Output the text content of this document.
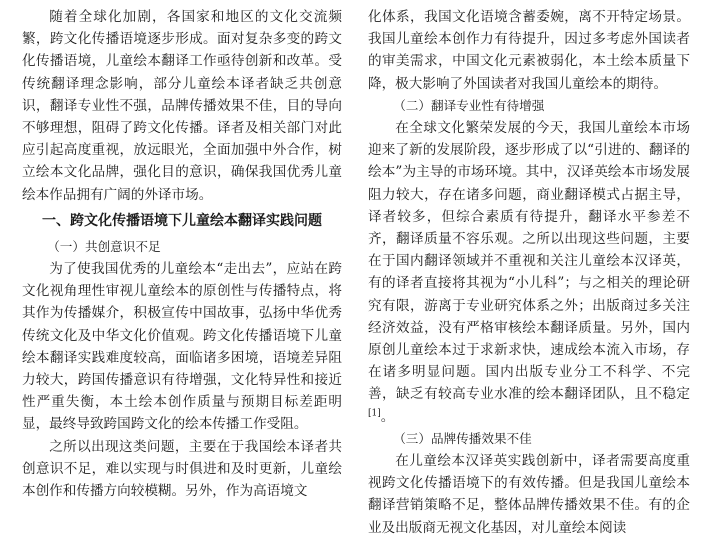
随着全球化加剧，各国家和地区的文化交流频繁，跨文化传播语境逐步形成。面对复杂多变的跨文化传播语境，儿童绘本翻译工作亟待创新和改革。受传统翻译理念影响，部分儿童绘本译者缺乏共创意识，翻译专业性不强，品牌传播效果不佳，目的导向不够理想，阻碍了跨文化传播。译者及相关部门对此应引起高度重视，放远眼光，全面加强中外合作，树立绘本文化品牌，强化目的意识，确保我国优秀儿童绘本作品拥有广阔的外译市场。

一、跨文化传播语境下儿童绘本翻译实践问题
（一）共创意识不足

为了使我国优秀的儿童绘本“走出去”，应站在跨文化视角理性审视儿童绘本的原创性与传播特点，将其作为传播媒介，积极宣传中国故事，弘扬中华优秀传统文化及中华文化价值观。跨文化传播语境下儿童绘本翻译实践难度较高，面临诸多困境，语境差异阻力较大，跨国传播意识有待增强，文化特异性和接近性严重失衡，本土绘本创作质量与预期目标差距明显，最终导致跨国跨文化的绘本传播工作受阻。

之所以出现这类问题，主要在于我国绘本译者共创意识不足，难以实现与时俱进和及时更新，儿童绘本创作和传播方向较模糊。另外，作为高语境文

化体系，我国文化语境含蓄委婉，离不开特定场景。我国儿童绘本创作力有待提升，因过多考虑外国读者的审美需求，中国文化元素被弱化，本土绘本质量下降，极大影响了外国读者对我国儿童绘本的期待。

（二）翻译专业性有待增强

在全球文化繁荣发展的今天，我国儿童绘本市场迎来了新的发展阶段，逐步形成了以“引进的、翻译的绘本”为主导的市场环境。其中，汉译英绘本市场发展阻力较大，存在诸多问题，商业翻译模式占据主导，译者较多，但综合素质有待提升，翻译水平参差不齐，翻译质量不容乐观。之所以出现这些问题，主要在于国内翻译领域并不重视和关注儿童绘本汉译英，有的译者直接将其视为“小儿科”；与之相关的理论研究有限，游离于专业研究体系之外；出版商过多关注经济效益，没有严格审核绘本翻译质量。另外，国内原创儿童绘本过于求新求快，速成绘本流入市场，存在诸多明显问题。国内出版专业分工不科学、不完善，缺乏有较高专业水准的绘本翻译团队，且不稳定[1]。

（三）品牌传播效果不佳

在儿童绘本汉译英实践创新中，译者需要高度重视跨文化传播语境下的有效传播。但是我国儿童绘本翻译营销策略不足，整体品牌传播效果不佳。有的企业及出版商无视文化基因，对儿童绘本阅读
